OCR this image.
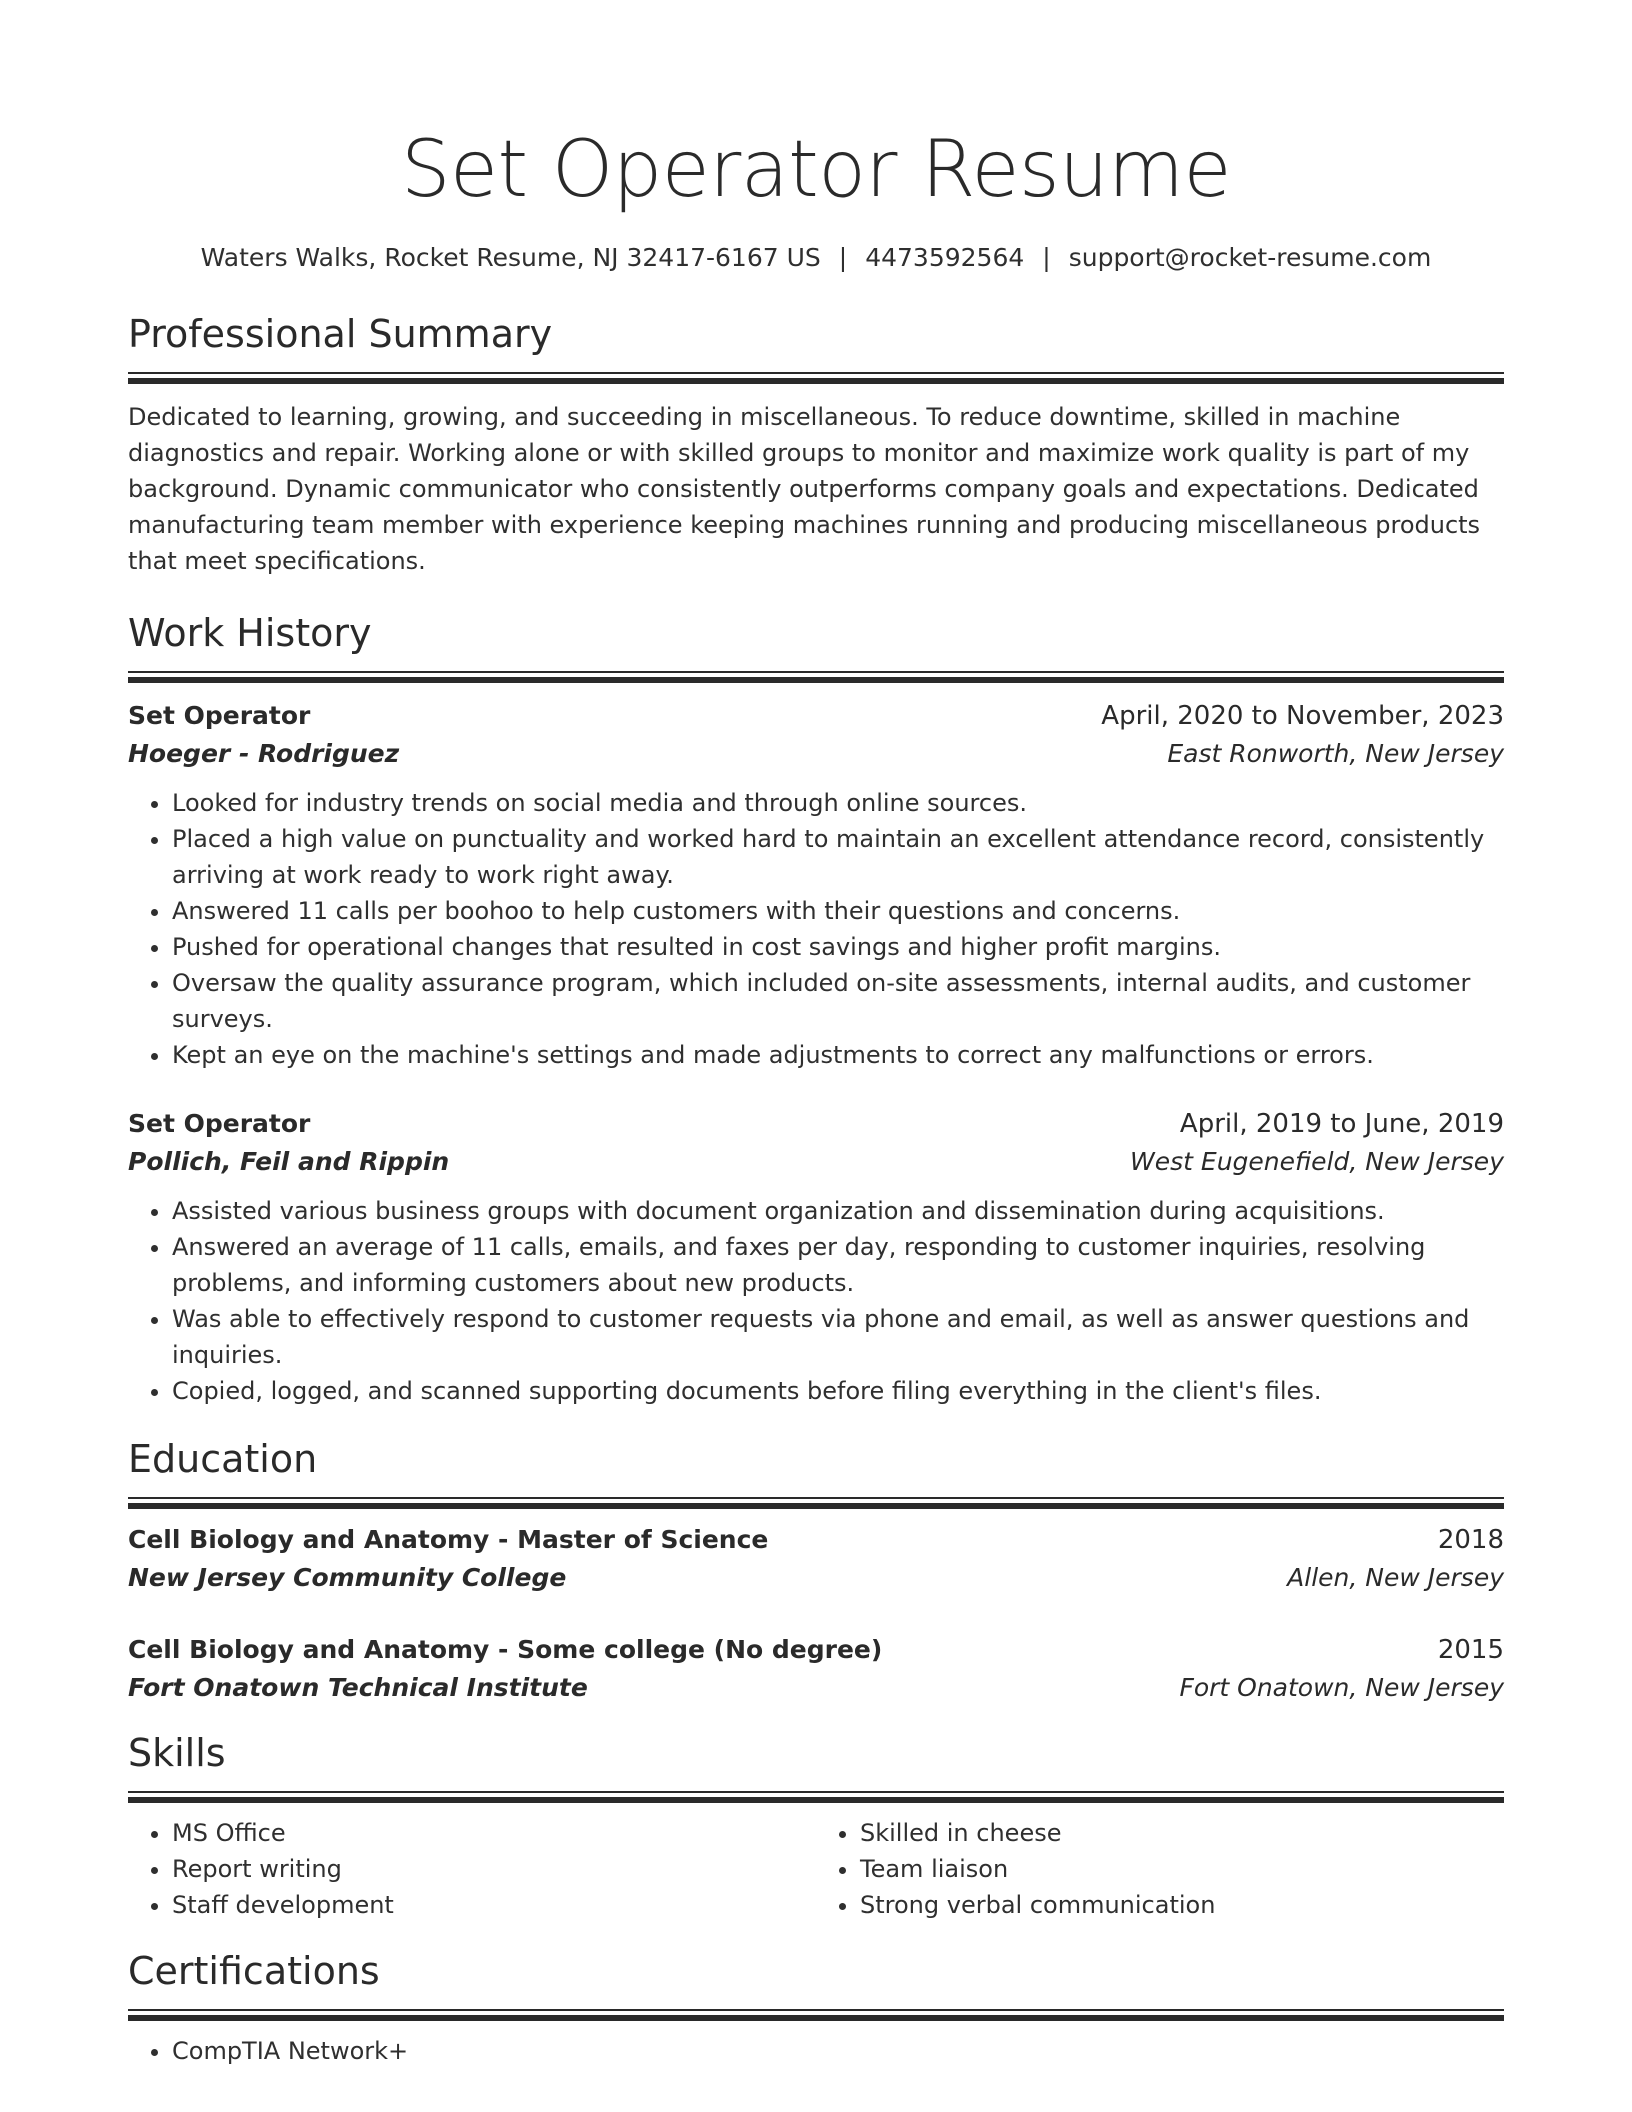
Set Operator Resume
Waters Walks, Rocket Resume, NJ 32417-6167 US | 4473592564 | support@rocket-resume.com
Professional Summary

Dedicated to learning, growing, and succeeding in miscellaneous. To reduce downtime, skilled in machine diagnostics and repair. Working alone or with skilled groups to monitor and maximize work quality is part of my background. Dynamic communicator who consistently outperforms company goals and expectations. Dedicated manufacturing team member with experience keeping machines running and producing miscellaneous products that meet specifications.

Work History
Set Operator	April, 2020 to November, 2023
Hoeger - Rodriguez	East Ronworth, New Jersey
• Looked for industry trends on social media and through online sources.
• Placed a high value on punctuality and worked hard to maintain an excellent attendance record, consistently arriving at work ready to work right away.
• Answered 11 calls per boohoo to help customers with their questions and concerns.
• Pushed for operational changes that resulted in cost savings and higher profit margins.
• Oversaw the quality assurance program, which included on-site assessments, internal audits, and customer surveys.
• Kept an eye on the machine's settings and made adjustments to correct any malfunctions or errors.
Set Operator	April, 2019 to June, 2019
Pollich, Feil and Rippin	West Eugenefield, New Jersey
• Assisted various business groups with document organization and dissemination during acquisitions.
• Answered an average of 11 calls, emails, and faxes per day, responding to customer inquiries, resolving problems, and informing customers about new products.
• Was able to effectively respond to customer requests via phone and email, as well as answer questions and inquiries.
• Copied, logged, and scanned supporting documents before filing everything in the client's files.
Education
Cell Biology and Anatomy - Master of Science	2018
New Jersey Community College	Allen, New Jersey
Cell Biology and Anatomy - Some college (No degree)	2015
Fort Onatown Technical Institute	Fort Onatown, New Jersey
Skills
• MS Office
• Report writing
• Staff development
• Skilled in cheese
• Team liaison
• Strong verbal communication
Certifications
• CompTIA Network+
